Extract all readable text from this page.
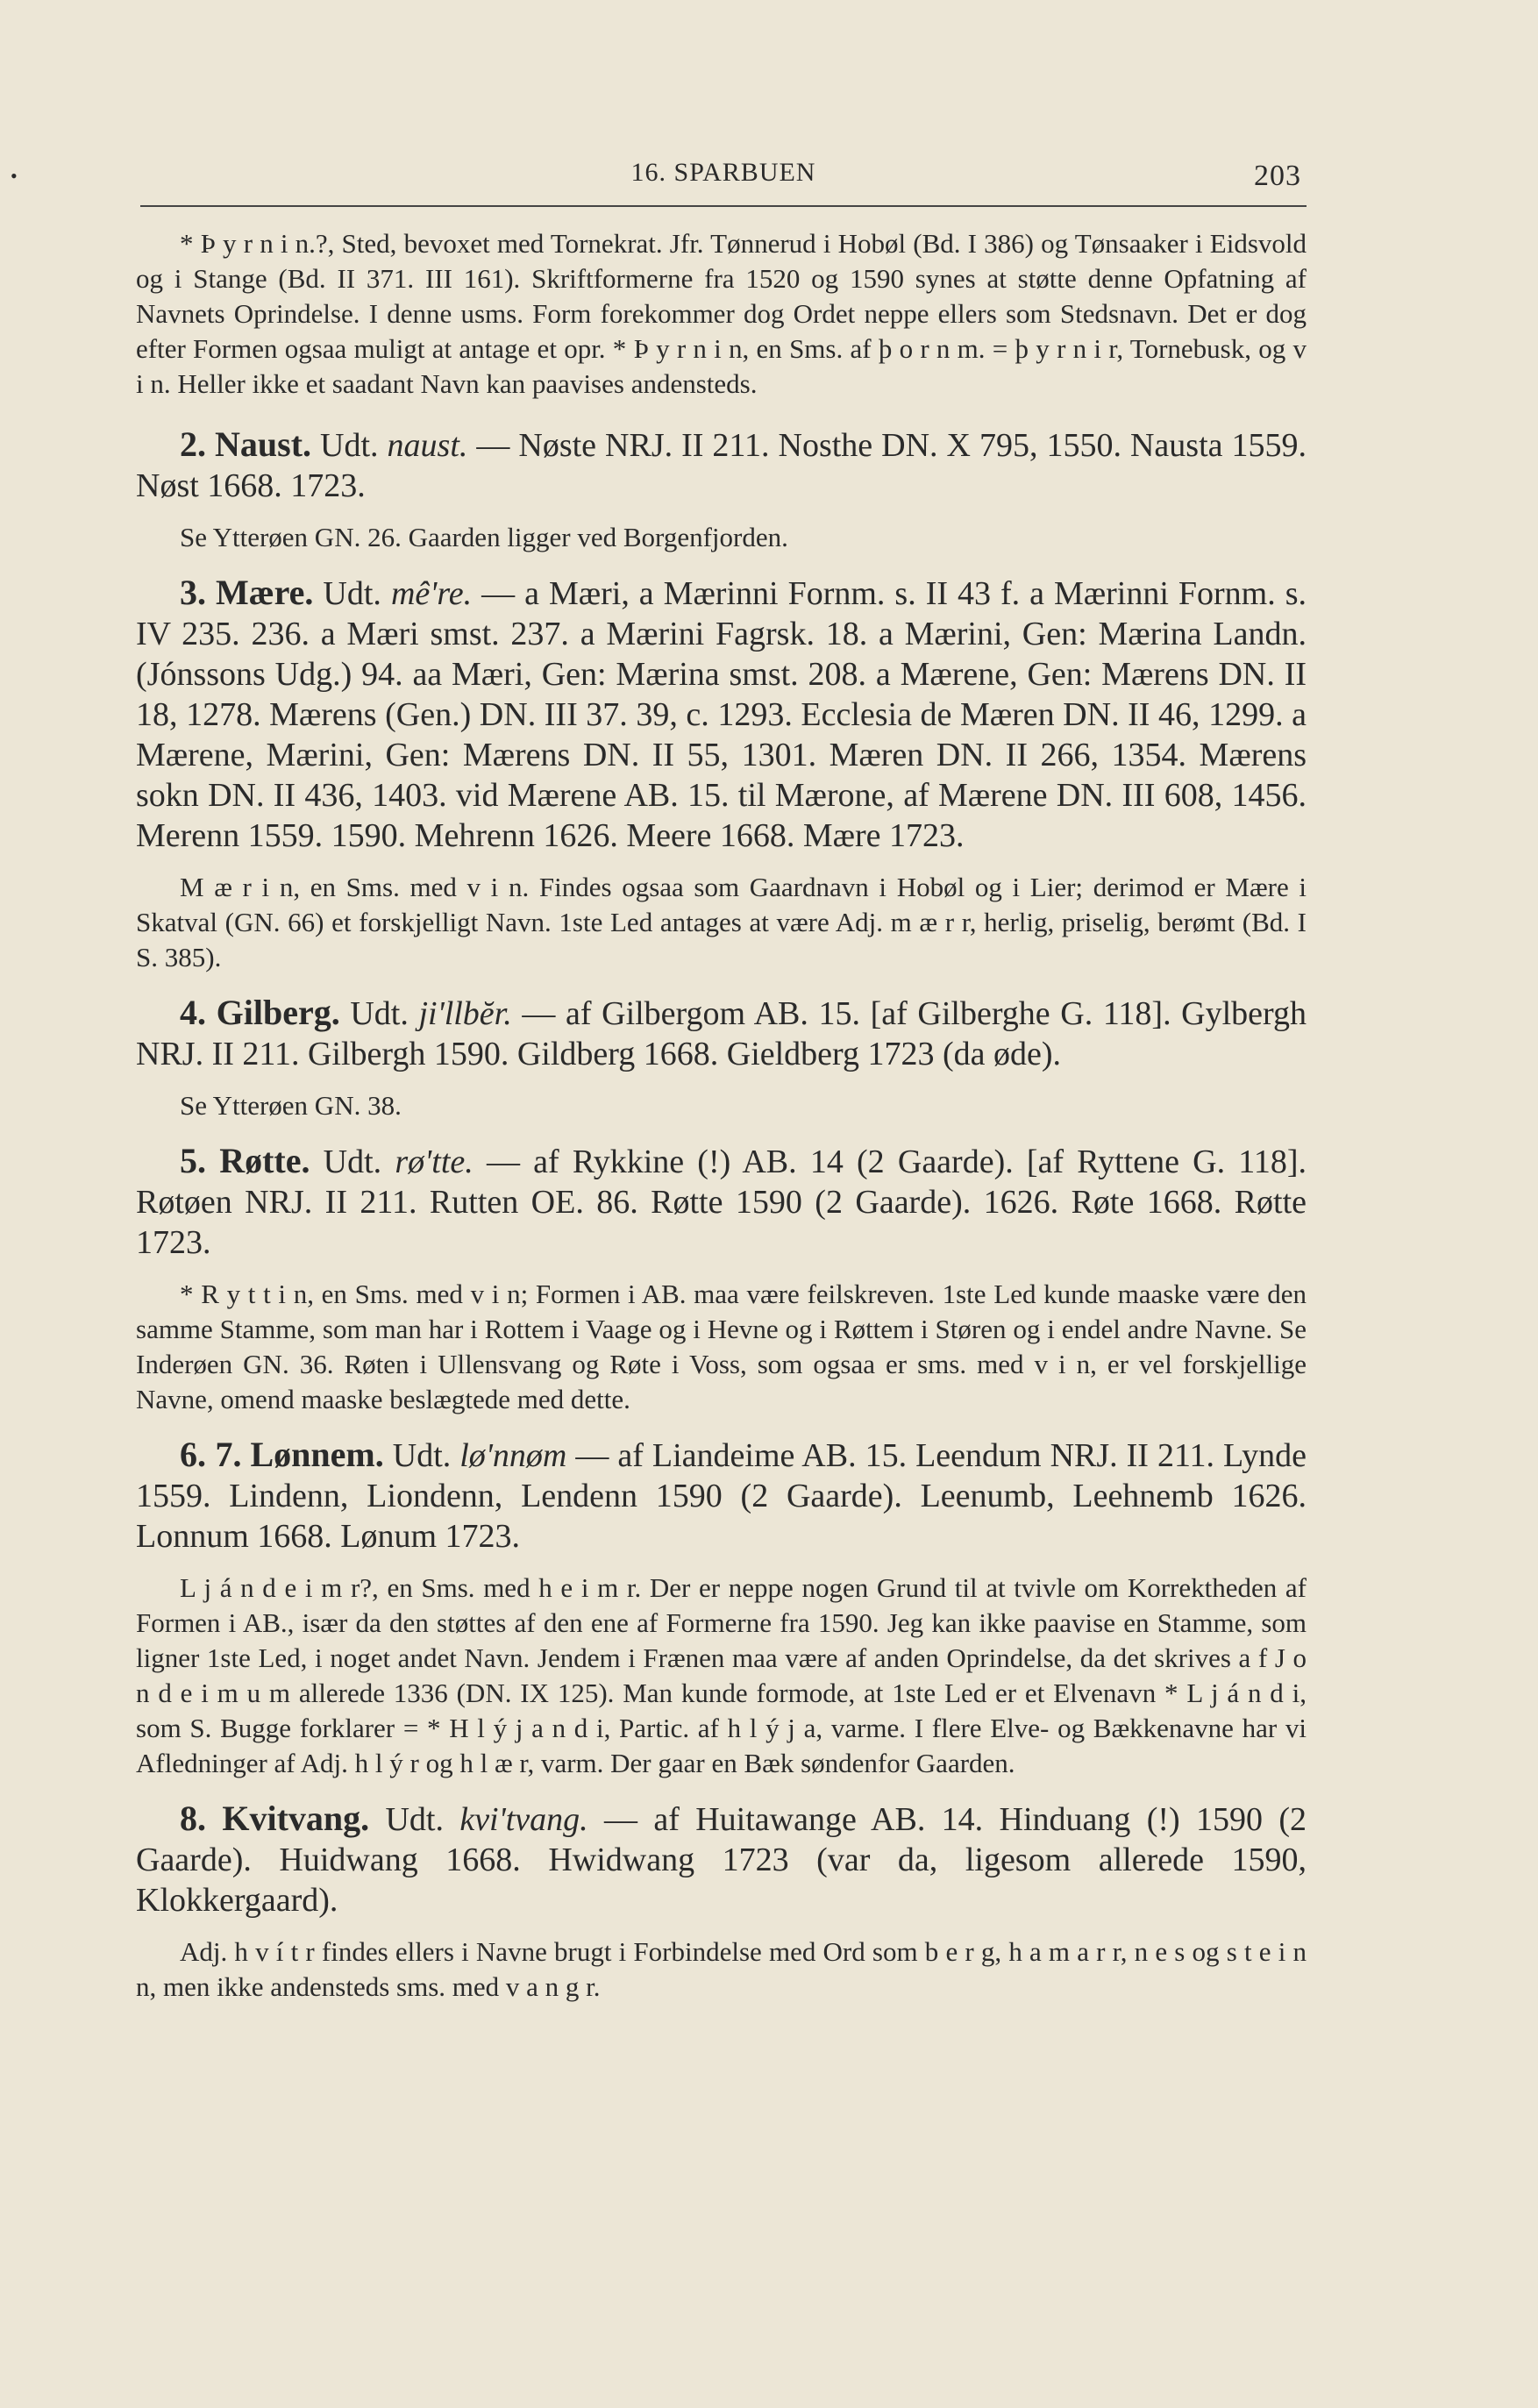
•	16. SPARBUEN	203

* Þ y r n i n.?, Sted, bevoxet med Tornekrat. Jfr. Tønnerud i Hobøl (Bd. I 386) og Tønsaaker i Eidsvold og i Stange (Bd. II 371. III 161). Skriftformerne fra 1520 og 1590 synes at støtte denne Opfatning af Navnets Oprindelse. I denne usms. Form forekommer dog Ordet neppe ellers som Stedsnavn. Det er dog efter Formen ogsaa muligt at antage et opr. * Þ y r n i n, en Sms. af þ o r n m. = þ y r n i r, Tornebusk, og v i n. Heller ikke et saadant Navn kan paavises andensteds.

2. Naust. Udt. naust. — Nøste NRJ. II 211. Nosthe DN. X 795, 1550. Nausta 1559. Nøst 1668. 1723.

Se Ytterøen GN. 26. Gaarden ligger ved Borgenfjorden.

3. Mære. Udt. mê're. — a Mæri, a Mærinni Fornm. s. II 43 f. a Mærinni Fornm. s. IV 235. 236. a Mæri smst. 237. a Mærini Fagrsk. 18. a Mærini, Gen: Mærina Landn. (Jónssons Udg.) 94. aa Mæri, Gen: Mærina smst. 208. a Mærene, Gen: Mærens DN. II 18, 1278. Mærens (Gen.) DN. III 37. 39, c. 1293. Ecclesia de Mæren DN. II 46, 1299. a Mærene, Mærini, Gen: Mærens DN. II 55, 1301. Mæren DN. II 266, 1354. Mærens sokn DN. II 436, 1403. vid Mærene AB. 15. til Mærone, af Mærene DN. III 608, 1456. Merenn 1559. 1590. Mehrenn 1626. Meere 1668. Mære 1723.

M æ r i n, en Sms. med v i n. Findes ogsaa som Gaardnavn i Hobøl og i Lier; derimod er Mære i Skatval (GN. 66) et forskjelligt Navn. 1ste Led antages at være Adj. m æ r r, herlig, priselig, berømt (Bd. I S. 385).

4. Gilberg. Udt. ji'llbĕr. — af Gilbergom AB. 15. [af Gilberghe G. 118]. Gylbergh NRJ. II 211. Gilbergh 1590. Gildberg 1668. Gieldberg 1723 (da øde).

Se Ytterøen GN. 38.

5. Røtte. Udt. rø'tte. — af Rykkine (!) AB. 14 (2 Gaarde). [af Ryttene G. 118]. Røtøen NRJ. II 211. Rutten OE. 86. Røtte 1590 (2 Gaarde). 1626. Røte 1668. Røtte 1723.

* R y t t i n, en Sms. med v i n; Formen i AB. maa være feilskreven. 1ste Led kunde maaske være den samme Stamme, som man har i Rottem i Vaage og i Hevne og i Røttem i Støren og i endel andre Navne. Se Inderøen GN. 36. Røten i Ullensvang og Røte i Voss, som ogsaa er sms. med v i n, er vel forskjellige Navne, omend maaske beslægtede med dette.

6. 7. Lønnem. Udt. lø'nnøm — af Liandeime AB. 15. Leendum NRJ. II 211. Lynde 1559. Lindenn, Liondenn, Lendenn 1590 (2 Gaarde). Leenumb, Leehnemb 1626. Lonnum 1668. Lønum 1723.

L j á n d e i m r?, en Sms. med h e i m r. Der er neppe nogen Grund til at tvivle om Korrektheden af Formen i AB., især da den støttes af den ene af Formerne fra 1590. Jeg kan ikke paavise en Stamme, som ligner 1ste Led, i noget andet Navn. Jendem i Frænen maa være af anden Oprindelse, da det skrives a f J o n d e i m u m allerede 1336 (DN. IX 125). Man kunde formode, at 1ste Led er et Elvenavn * L j á n d i, som S. Bugge forklarer = * H l ý j a n d i, Partic. af h l ý j a, varme. I flere Elve- og Bækkenavne har vi Afledninger af Adj. h l ý r og h l æ r, varm. Der gaar en Bæk søndenfor Gaarden.

8. Kvitvang. Udt. kvi'tvang. — af Huitawange AB. 14. Hinduang (!) 1590 (2 Gaarde). Huidwang 1668. Hwidwang 1723 (var da, ligesom allerede 1590, Klokkergaard).

Adj. h v í t r findes ellers i Navne brugt i Forbindelse med Ord som b e r g, h a m a r r, n e s og s t e i n n, men ikke andensteds sms. med v a n g r.
